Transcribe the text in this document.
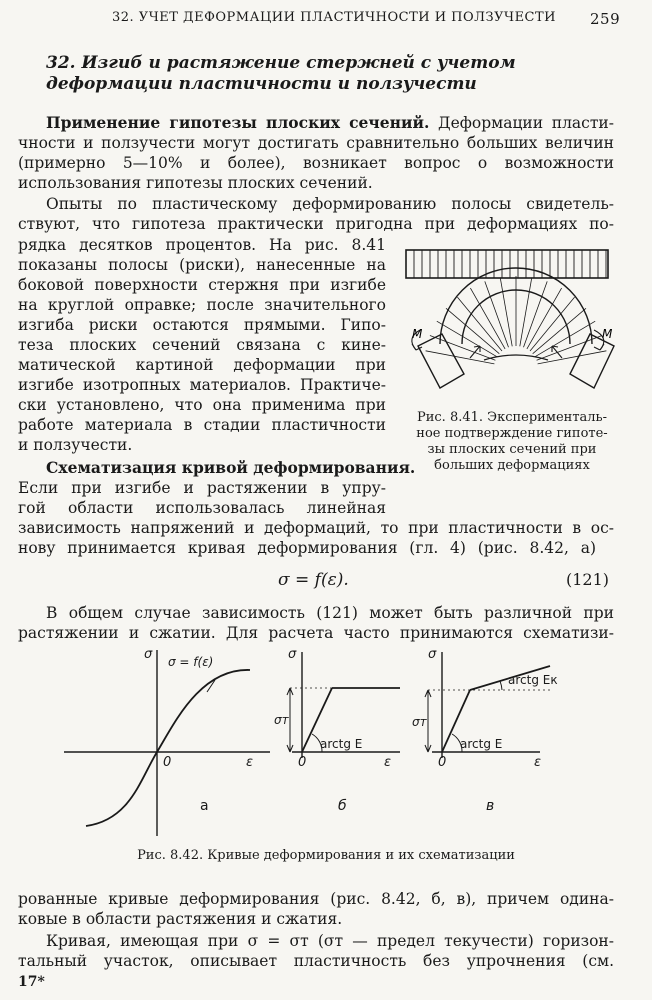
32. УЧЕТ ДЕФОРМАЦИИ ПЛАСТИЧНОСТИ И ПОЛЗУЧЕСТИ 259
32. Изгиб и растяжение стержней с учетом
деформации пластичности и ползучести
Применение гипотезы плоских сечений. Деформации пласти-
чности и ползучести могут достигать сравнительно больших величин
(примерно 5—10% и более), возникает вопрос о возможности
использования гипотезы плоских сечений.
Опыты по пластическому деформированию полосы свидетель-
ствуют, что гипотеза практически пригодна при деформациях по-
рядка десятков процентов. На рис. 8.41
показаны полосы (риски), нанесенные на
боковой поверхности стержня при изгибе
на круглой оправке; после значительного
изгиба риски остаются прямыми. Гипо-
теза плоских сечений связана с кине-
матической картиной деформации при
изгибе изотропных материалов. Практиче-
ски установлено, что она применима при
работе материала в стадии пластичности
и ползучести.
Схематизация кривой деформирования.
Если при изгибе и растяжении в упру-
гой области использовалась линейная
зависимость напряжений и деформаций, то при пластичности в ос-
нову принимается кривая деформирования (гл. 4) (рис. 8.42, а)
σ = f(ε).	(121)
В общем случае зависимость (121) может быть различной при
растяжении и сжатии. Для расчета часто принимаются схематизи-
M	M
Рис. 8.41. Эксперименталь-
ное подтверждение гипоте-
зы плоских сечений при
больших деформациях
σ σ = f(ε)
0	ε
σ
σт
arctg E
0	ε
σ
σт
arctg E
arctg Eк
0	ε
а	б	в
Рис. 8.42. Кривые деформирования и их схематизации
рованные кривые деформирования (рис. 8.42, б, в), причем одина-
ковые в области растяжения и сжатия.
Кривая, имеющая при σ = σт (σт — предел текучести) горизон-
тальный участок, описывает пластичность без упрочнения (см.
17*
